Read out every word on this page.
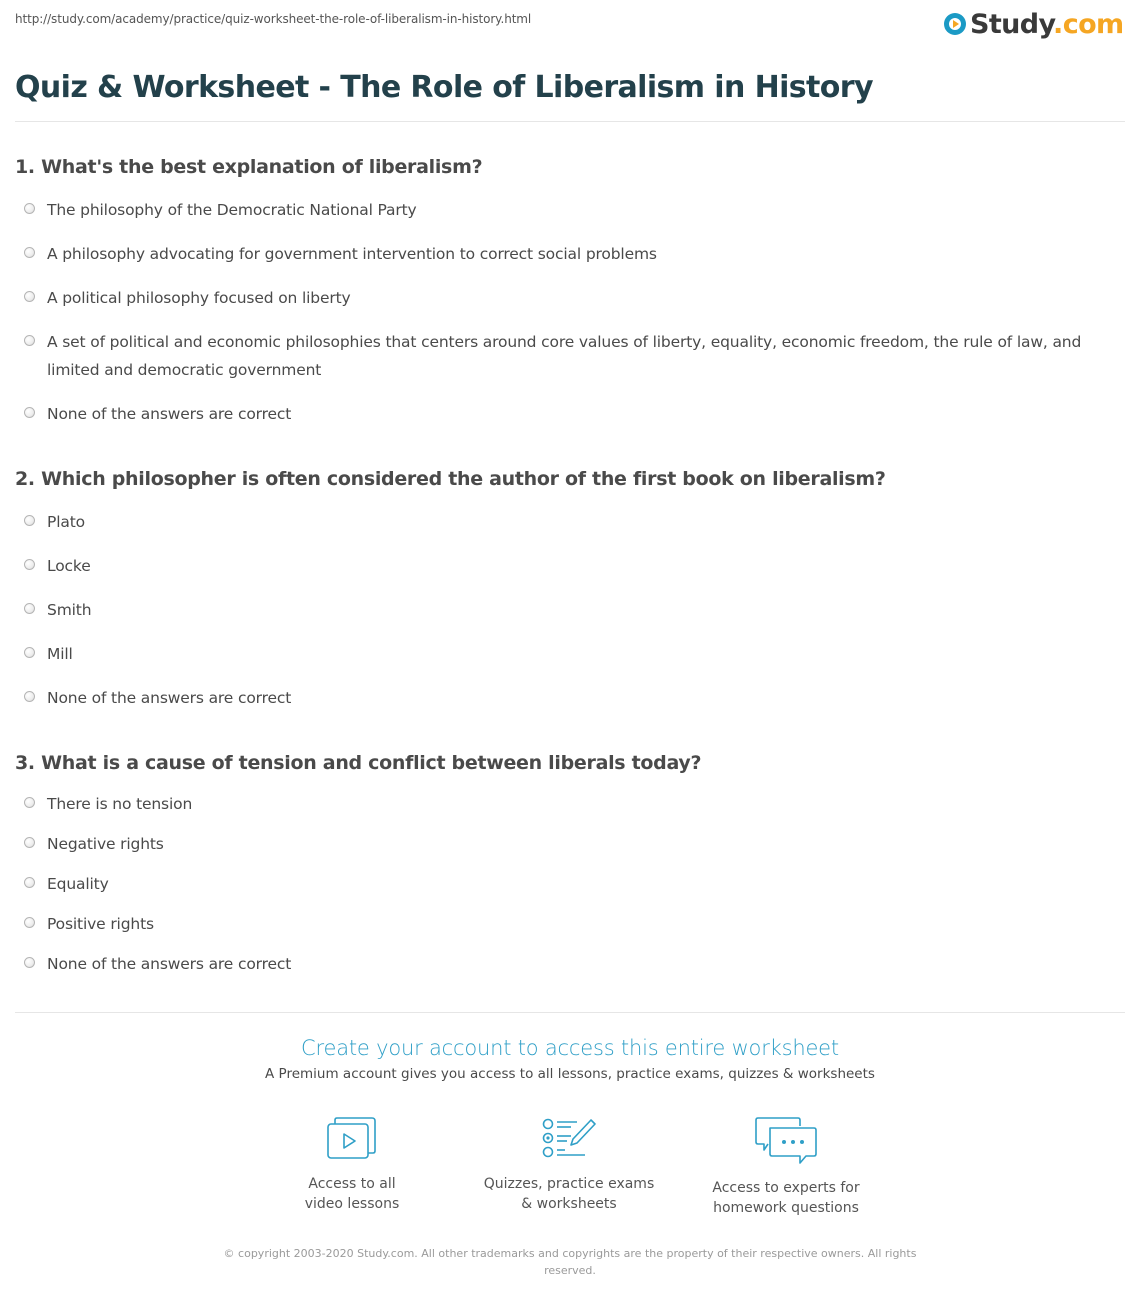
http://study.com/academy/practice/quiz-worksheet-the-role-of-liberalism-in-history.html	Study.com
Quiz & Worksheet - The Role of Liberalism in History
1. What's the best explanation of liberalism?
The philosophy of the Democratic National Party
A philosophy advocating for government intervention to correct social problems
A political philosophy focused on liberty
A set of political and economic philosophies that centers around core values of liberty, equality, economic freedom, the rule of law, and limited and democratic government
None of the answers are correct
2. Which philosopher is often considered the author of the first book on liberalism?
Plato
Locke
Smith
Mill
None of the answers are correct
3. What is a cause of tension and conflict between liberals today?
There is no tension
Negative rights
Equality
Positive rights
None of the answers are correct
Create your account to access this entire worksheet
A Premium account gives you access to all lessons, practice exams, quizzes & worksheets
Access to all
video lessons
Quizzes, practice exams
& worksheets
Access to experts for
homework questions
© copyright 2003-2020 Study.com. All other trademarks and copyrights are the property of their respective owners. All rights reserved.
